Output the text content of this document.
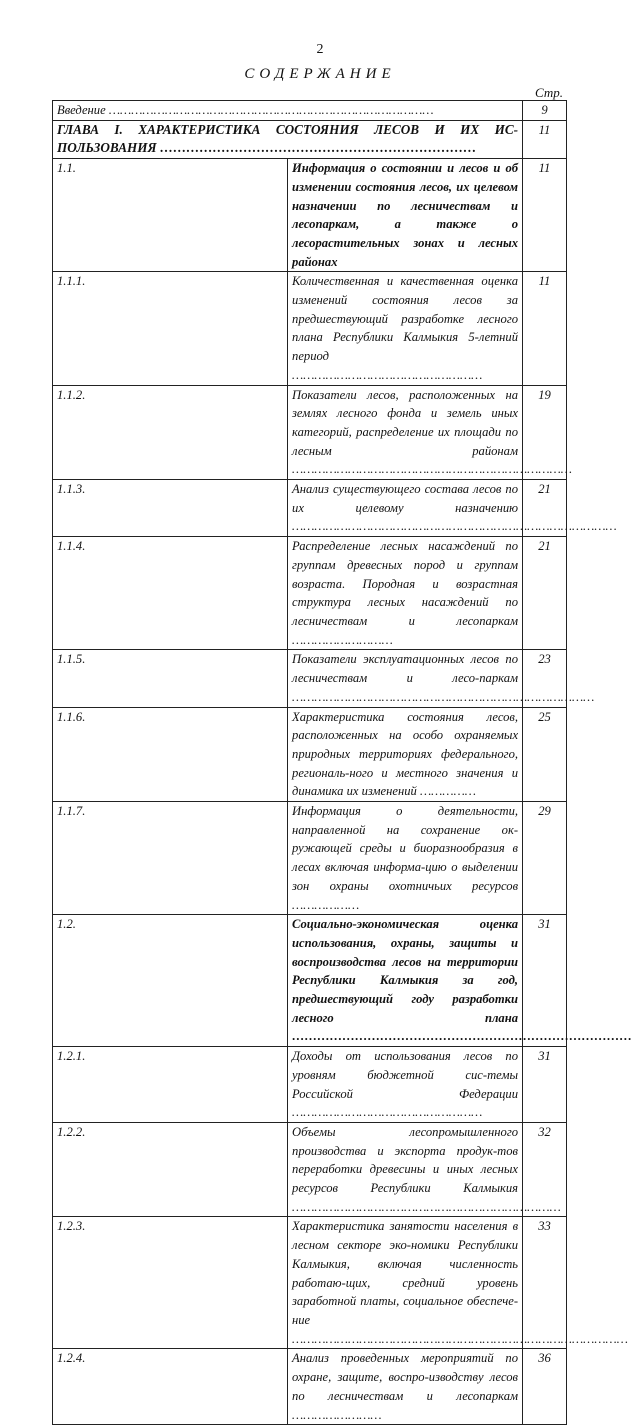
2
СОДЕРЖАНИЕ
Стр.
Введение ……………………………………………………………………………		9
ГЛАВА I. ХАРАКТЕРИСТИКА СОСТОЯНИЯ ЛЕСОВ И ИХ ИС-ПОЛЬЗОВАНИЯ ………………………………………………………………		11
1.1.	Информация о состоянии и лесов и об изменении состояния лесов, их целевом назначении по лесничествам и лесопаркам, а также о лесорастительных зонах и лесных районах	11
1.1.1.	Количественная и качественная оценка изменений состояния лесов за предшествующий разработке лесного плана Республики Калмыкия 5-летний период ……………………………………………	11
1.1.2.	Показатели лесов, расположенных на землях лесного фонда и земель иных категорий, распределение их площади по лесным районам …………………………………………………………………	19
1.1.3.	Анализ существующего состава лесов по их целевому назначению ……………………………………………………………………………	21
1.1.4.	Распределение лесных насаждений по группам древесных пород и группам возраста. Породная и возрастная структура лесных насаждений по лесничествам и лесопаркам ………………………	21
1.1.5.	Показатели эксплуатационных лесов по лесничествам и лесо-паркам ………………………………………………………………………	23
1.1.6.	Характеристика состояния лесов, расположенных на особо охраняемых природных территориях федерального, региональ-ного и местного значения и динамика их изменений ……………	25
1.1.7.	Информация о деятельности, направленной на сохранение ок-ружающей среды и биоразнообразия в лесах включая информа-цию о выделении зон охраны охотничьих ресурсов ………………	29
1.2.	Социально-экономическая оценка использования, охраны, защиты и воспроизводства лесов на территории Республики Калмыкия за год, предшествующий году разработки лесного плана ………………………………………………………………………	31
1.2.1.	Доходы от использования лесов по уровням бюджетной сис-темы Российской Федерации ……………………………………………	31
1.2.2.	Объемы лесопромышленного производства и экспорта продук-тов переработки древесины и иных лесных ресурсов Республики Калмыкия ………………………………………………………………	32
1.2.3.	Характеристика занятости населения в лесном секторе эко-номики Республики Калмыкия, включая численность работаю-щих, средний уровень заработной платы, социальное обеспече-ние ………………………………………………………………………………	33
1.2.4.	Анализ проведенных мероприятий по охране, защите, воспро-изводству лесов по лесничествам и лесопаркам ……………………	36
